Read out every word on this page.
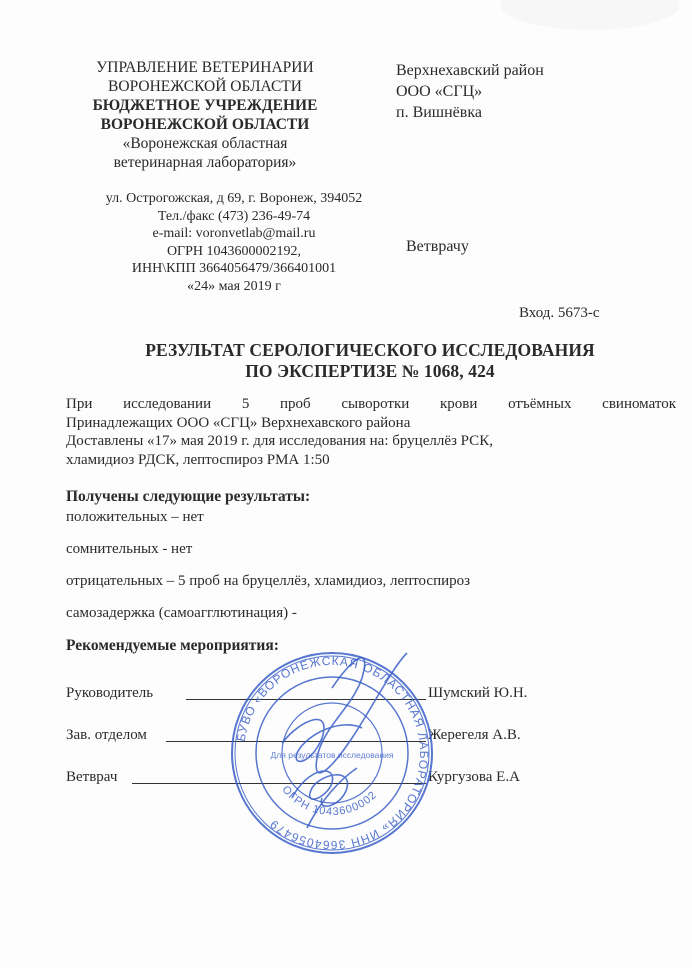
УПРАВЛЕНИЕ ВЕТЕРИНАРИИ
ВОРОНЕЖСКОЙ ОБЛАСТИ
БЮДЖЕТНОЕ УЧРЕЖДЕНИЕ
ВОРОНЕЖСКОЙ ОБЛАСТИ
«Воронежская областная
ветеринарная лаборатория»
ул. Острогожская, д 69, г. Воронеж, 394052
Тел./факс (473) 236-49-74
e-mail: voronvetlab@mail.ru
ОГРН 1043600002192,
ИНН\КПП 3664056479/366401001
«24» мая 2019 г
Верхнехавский район
ООО «СГЦ»
п. Вишнёвка
Ветврачу
Вход. 5673-с
РЕЗУЛЬТАТ СЕРОЛОГИЧЕСКОГО ИССЛЕДОВАНИЯ
ПО ЭКСПЕРТИЗЕ № 1068, 424
При исследовании 5 проб сыворотки крови отъёмных свиноматок
Принадлежащих ООО «СГЦ» Верхнехавского района
Доставлены «17» мая 2019 г. для исследования на: бруцеллёз РСК,
хламидиоз РДСК, лептоспироз РМА 1:50
Получены следующие результаты:
положительных – нет
сомнительных - нет
отрицательных – 5 проб на бруцеллёз, хламидиоз, лептоспироз
самозадержка (самоагглютинация) -
Рекомендуемые мероприятия:
Руководитель	Шумский Ю.Н.
Зав. отделом	Жерегеля А.В.
Ветврач	Кургузова Е.А
БУВО «ВОРОНЕЖСКАЯ ОБЛАСТНАЯ ЛАБОРАТОРИЯ» ИНН 3664056479
ОГРН 1043600002
Для результатов исследования
